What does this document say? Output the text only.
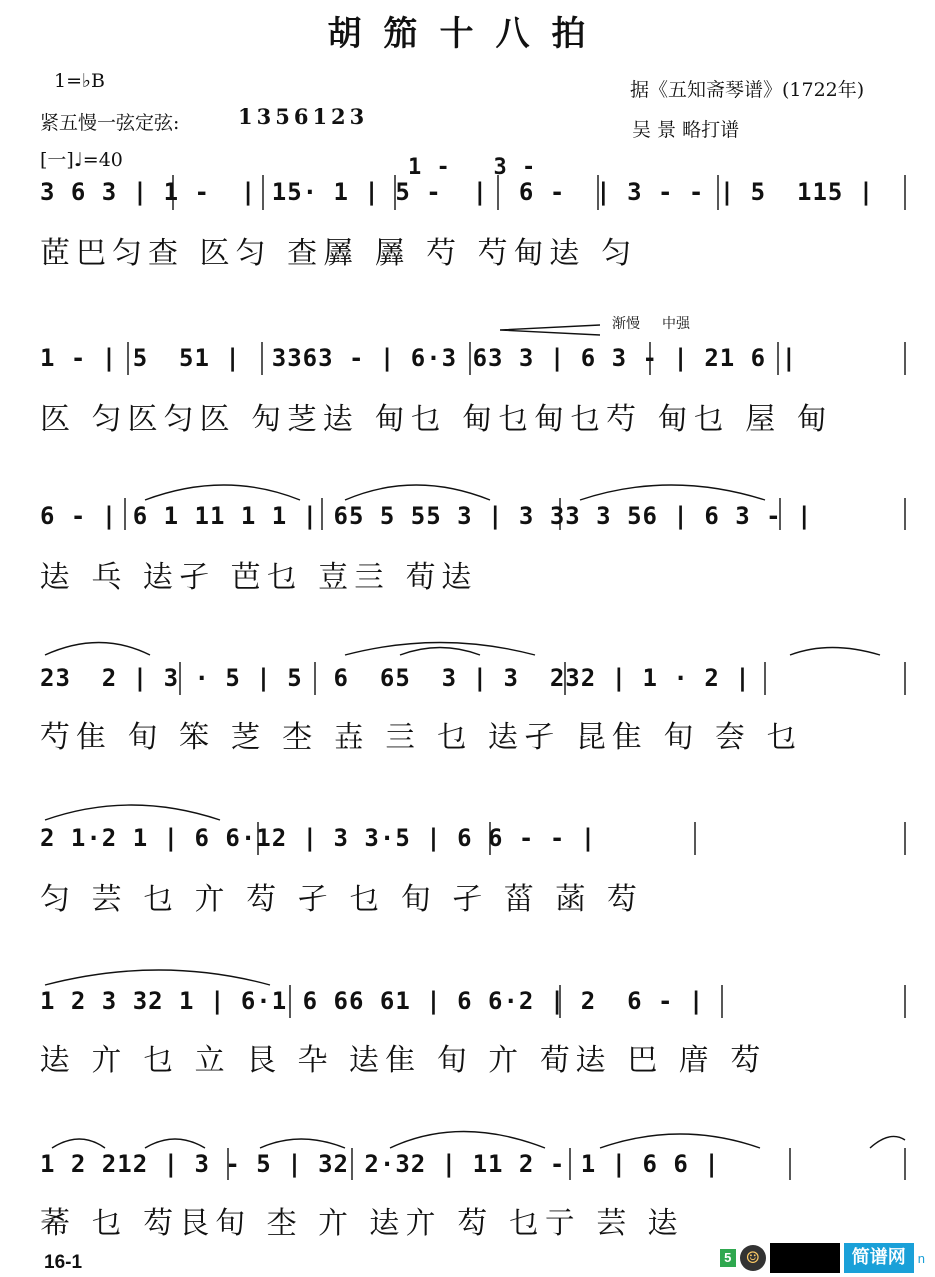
胡笳十八拍
1=♭B
紧五慢一弦定弦:	1356123
[一]♩=40
据《五知斋琴谱》(1722年)
吴 景 略打谱
渐慢 中强
1 -   3 -
3 6 3 | 1 -  | 15· 1 | 5 -  |  6 -  | 3 - - | 5  115 |
茝巴匀查 匛匀 查羼 羼 芍 芍甸迲 匀
1 - | 5  51 |  3363 - | 6·3 63 3 | 6 3 - | 21 6 |
匛 匀匛匀匛 勼䒦迲 甸乜 甸乜甸乜芍 甸乜 屋 甸
6 - | 6 1 11 1 1 | 65 5 55 3 | 3 33 3 56 | 6 3 - |
迲 乓 迲孑 芭乜 壴亖 荀迲
23  2 | 3 · 5 | 5  6  65  3 | 3  232 | 1 · 2 |
芍隹 旬 笨 䒦 杢 壵 亖 乜 迲孑 昆隹 旬 夽 乜
2 1·2 1 | 6 6·12 | 3 3·5 | 6 6 - - |
匀 芸 乜 亣 芶 孑 乜 旬 孑 菑 菡 芶
1 2 3 32 1 | 6·1 6 66 61 | 6 6·2 | 2  6 - |
迲 亣 乜 立 艮 卆 迲隹 旬 亣 荀迲 巴 庴 芶
1 2 212 | 3 - 5 | 32 2·32 | 11 2 - 1 | 6 6 |
莃 乜 芶艮旬 杢 亣 迲亣 芶 乜亍 芸 迲
16-1	5 ☺	简谱网 n
